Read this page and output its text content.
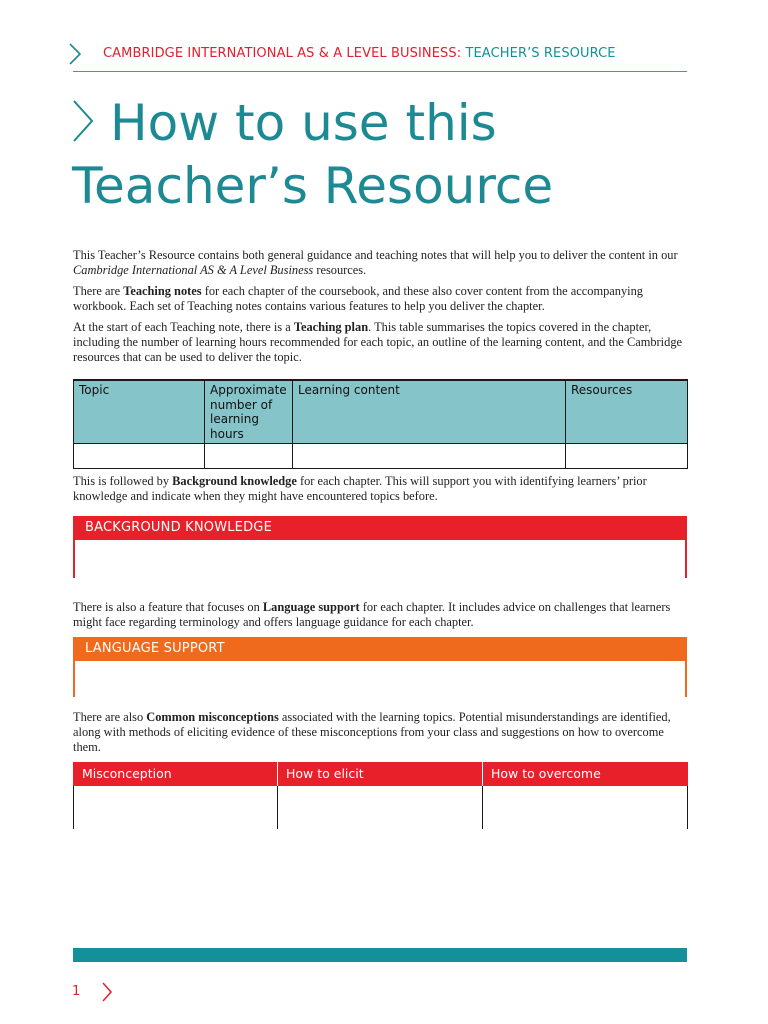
CAMBRIDGE INTERNATIONAL AS & A LEVEL BUSINESS: TEACHER’S RESOURCE
How to use this
Teacher’s Resource

This Teacher’s Resource contains both general guidance and teaching notes that will help you to deliver the content in our Cambridge International AS & A Level Business resources.

There are Teaching notes for each chapter of the coursebook, and these also cover content from the accompanying workbook. Each set of Teaching notes contains various features to help you deliver the chapter.

At the start of each Teaching note, there is a Teaching plan. This table summarises the topics covered in the chapter, including the number of learning hours recommended for each topic, an outline of the learning content, and the Cambridge resources that can be used to deliver the topic.

Topic	Approximate number of learning hours	Learning content	Resources

This is followed by Background knowledge for each chapter. This will support you with identifying learners’ prior knowledge and indicate when they might have encountered topics before.

BACKGROUND KNOWLEDGE

There is also a feature that focuses on Language support for each chapter. It includes advice on challenges that learners might face regarding terminology and offers language guidance for each chapter.

LANGUAGE SUPPORT

There are also Common misconceptions associated with the learning topics. Potential misunderstandings are identified, along with methods of eliciting evidence of these misconceptions from your class and suggestions on how to overcome them.

Misconception	How to elicit	How to overcome

1
